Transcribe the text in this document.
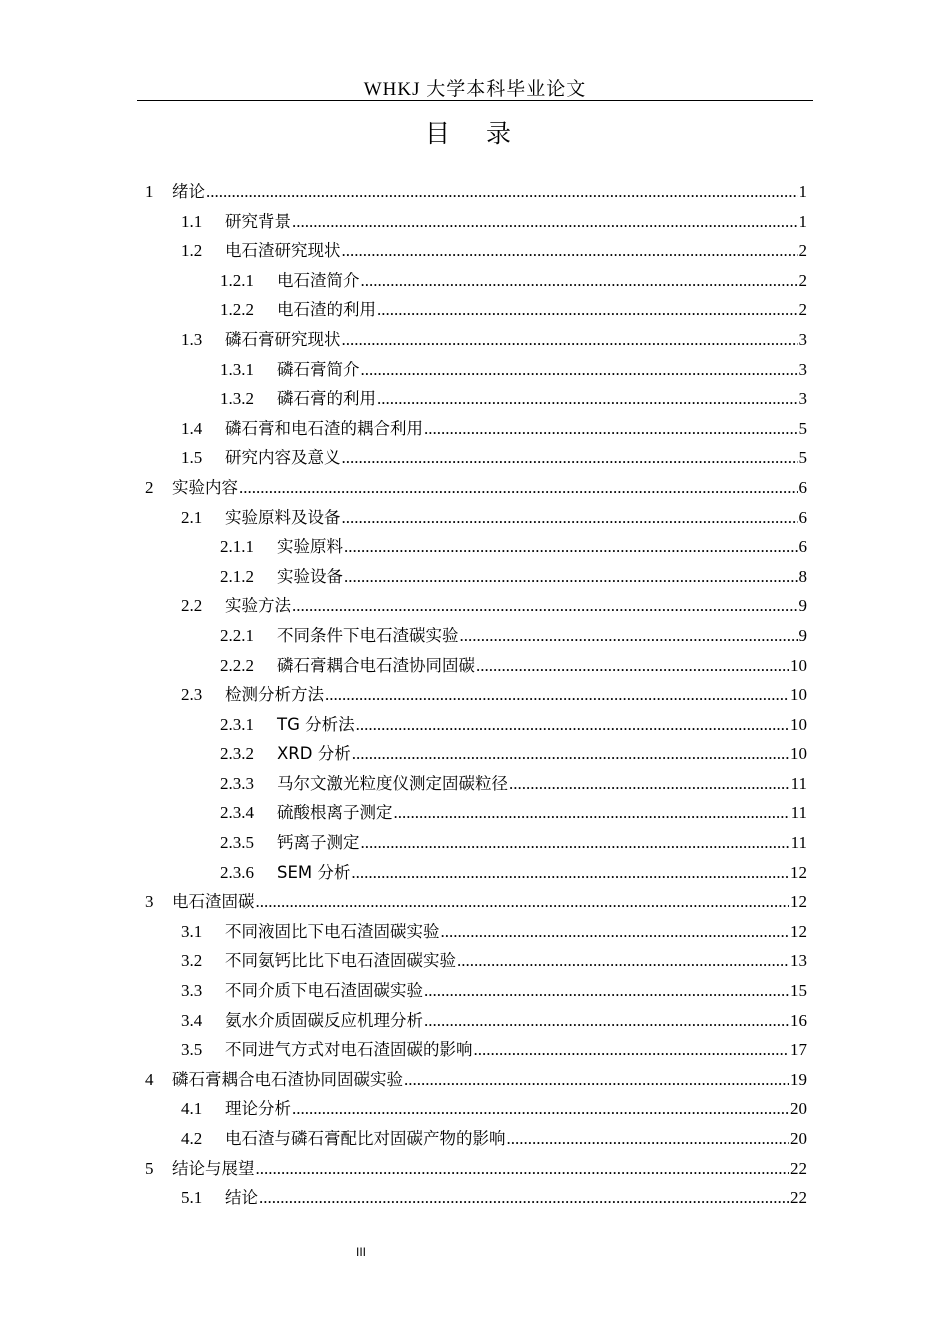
WHKJ 大学本科毕业论文
目 录
1	绪论 .....	1
1.1	研究背景 .....	1
1.2	电石渣研究现状 .....	2
1.2.1	电石渣简介 .....	2
1.2.2	电石渣的利用 .....	2
1.3	磷石膏研究现状 .....	3
1.3.1	磷石膏简介 .....	3
1.3.2	磷石膏的利用 .....	3
1.4	磷石膏和电石渣的耦合利用 .....	5
1.5	研究内容及意义 .....	5
2	实验内容 .....	6
2.1	实验原料及设备 .....	6
2.1.1	实验原料 .....	6
2.1.2	实验设备 .....	8
2.2	实验方法 .....	9
2.2.1	不同条件下电石渣碳实验 .....	9
2.2.2	磷石膏耦合电石渣协同固碳 .....	10
2.3	检测分析方法 .....	10
2.3.1	TG 分析法 .....	10
2.3.2	XRD 分析 .....	10
2.3.3	马尔文激光粒度仪测定固碳粒径 .....	11
2.3.4	硫酸根离子测定 .....	11
2.3.5	钙离子测定 .....	11
2.3.6	SEM 分析 .....	12
3	电石渣固碳 .....	12
3.1	不同液固比下电石渣固碳实验 .....	12
3.2	不同氨钙比比下电石渣固碳实验 .....	13
3.3	不同介质下电石渣固碳实验 .....	15
3.4	氨水介质固碳反应机理分析 .....	16
3.5	不同进气方式对电石渣固碳的影响 .....	17
4	磷石膏耦合电石渣协同固碳实验 .....	19
4.1	理论分析 .....	20
4.2	电石渣与磷石膏配比对固碳产物的影响 .....	20
5	结论与展望 .....	22
5.1	结论 .....	22
III
